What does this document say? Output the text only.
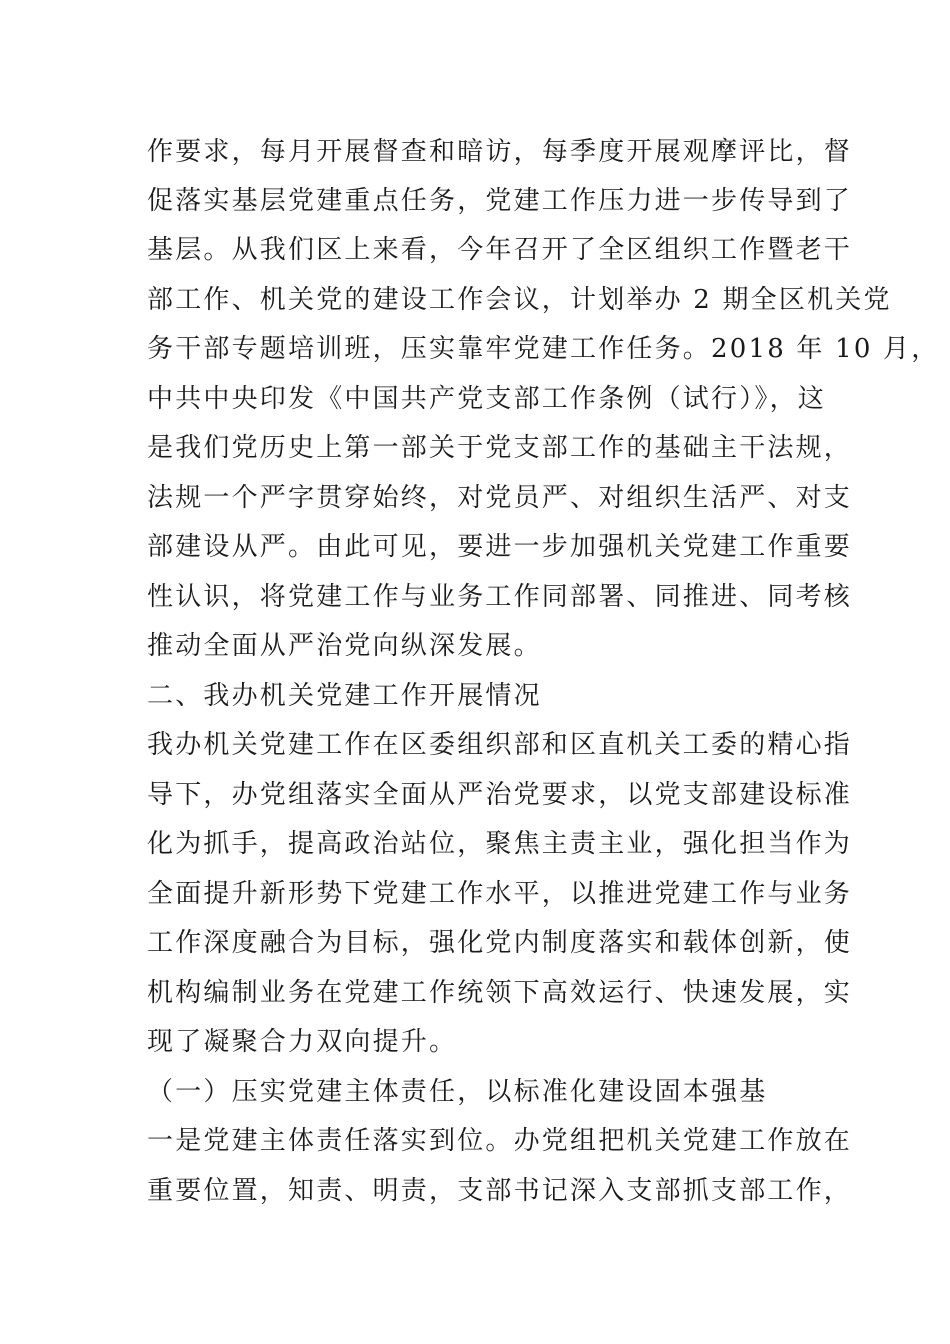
作要求，每月开展督查和暗访，每季度开展观摩评比，督
促落实基层党建重点任务，党建工作压力进一步传导到了
基层。从我们区上来看，今年召开了全区组织工作暨老干
部工作、机关党的建设工作会议，计划举办 2 期全区机关党
务干部专题培训班，压实靠牢党建工作任务。2018 年 10 月，
中共中央印发《中国共产党支部工作条例（试行）》，这
是我们党历史上第一部关于党支部工作的基础主干法规，
法规一个严字贯穿始终，对党员严、对组织生活严、对支
部建设从严。由此可见，要进一步加强机关党建工作重要
性认识，将党建工作与业务工作同部署、同推进、同考核
推动全面从严治党向纵深发展。
二、我办机关党建工作开展情况
我办机关党建工作在区委组织部和区直机关工委的精心指
导下，办党组落实全面从严治党要求，以党支部建设标准
化为抓手，提高政治站位，聚焦主责主业，强化担当作为
全面提升新形势下党建工作水平，以推进党建工作与业务
工作深度融合为目标，强化党内制度落实和载体创新，使
机构编制业务在党建工作统领下高效运行、快速发展，实
现了凝聚合力双向提升。
（一）压实党建主体责任，以标准化建设固本强基
一是党建主体责任落实到位。办党组把机关党建工作放在
重要位置，知责、明责，支部书记深入支部抓支部工作，
